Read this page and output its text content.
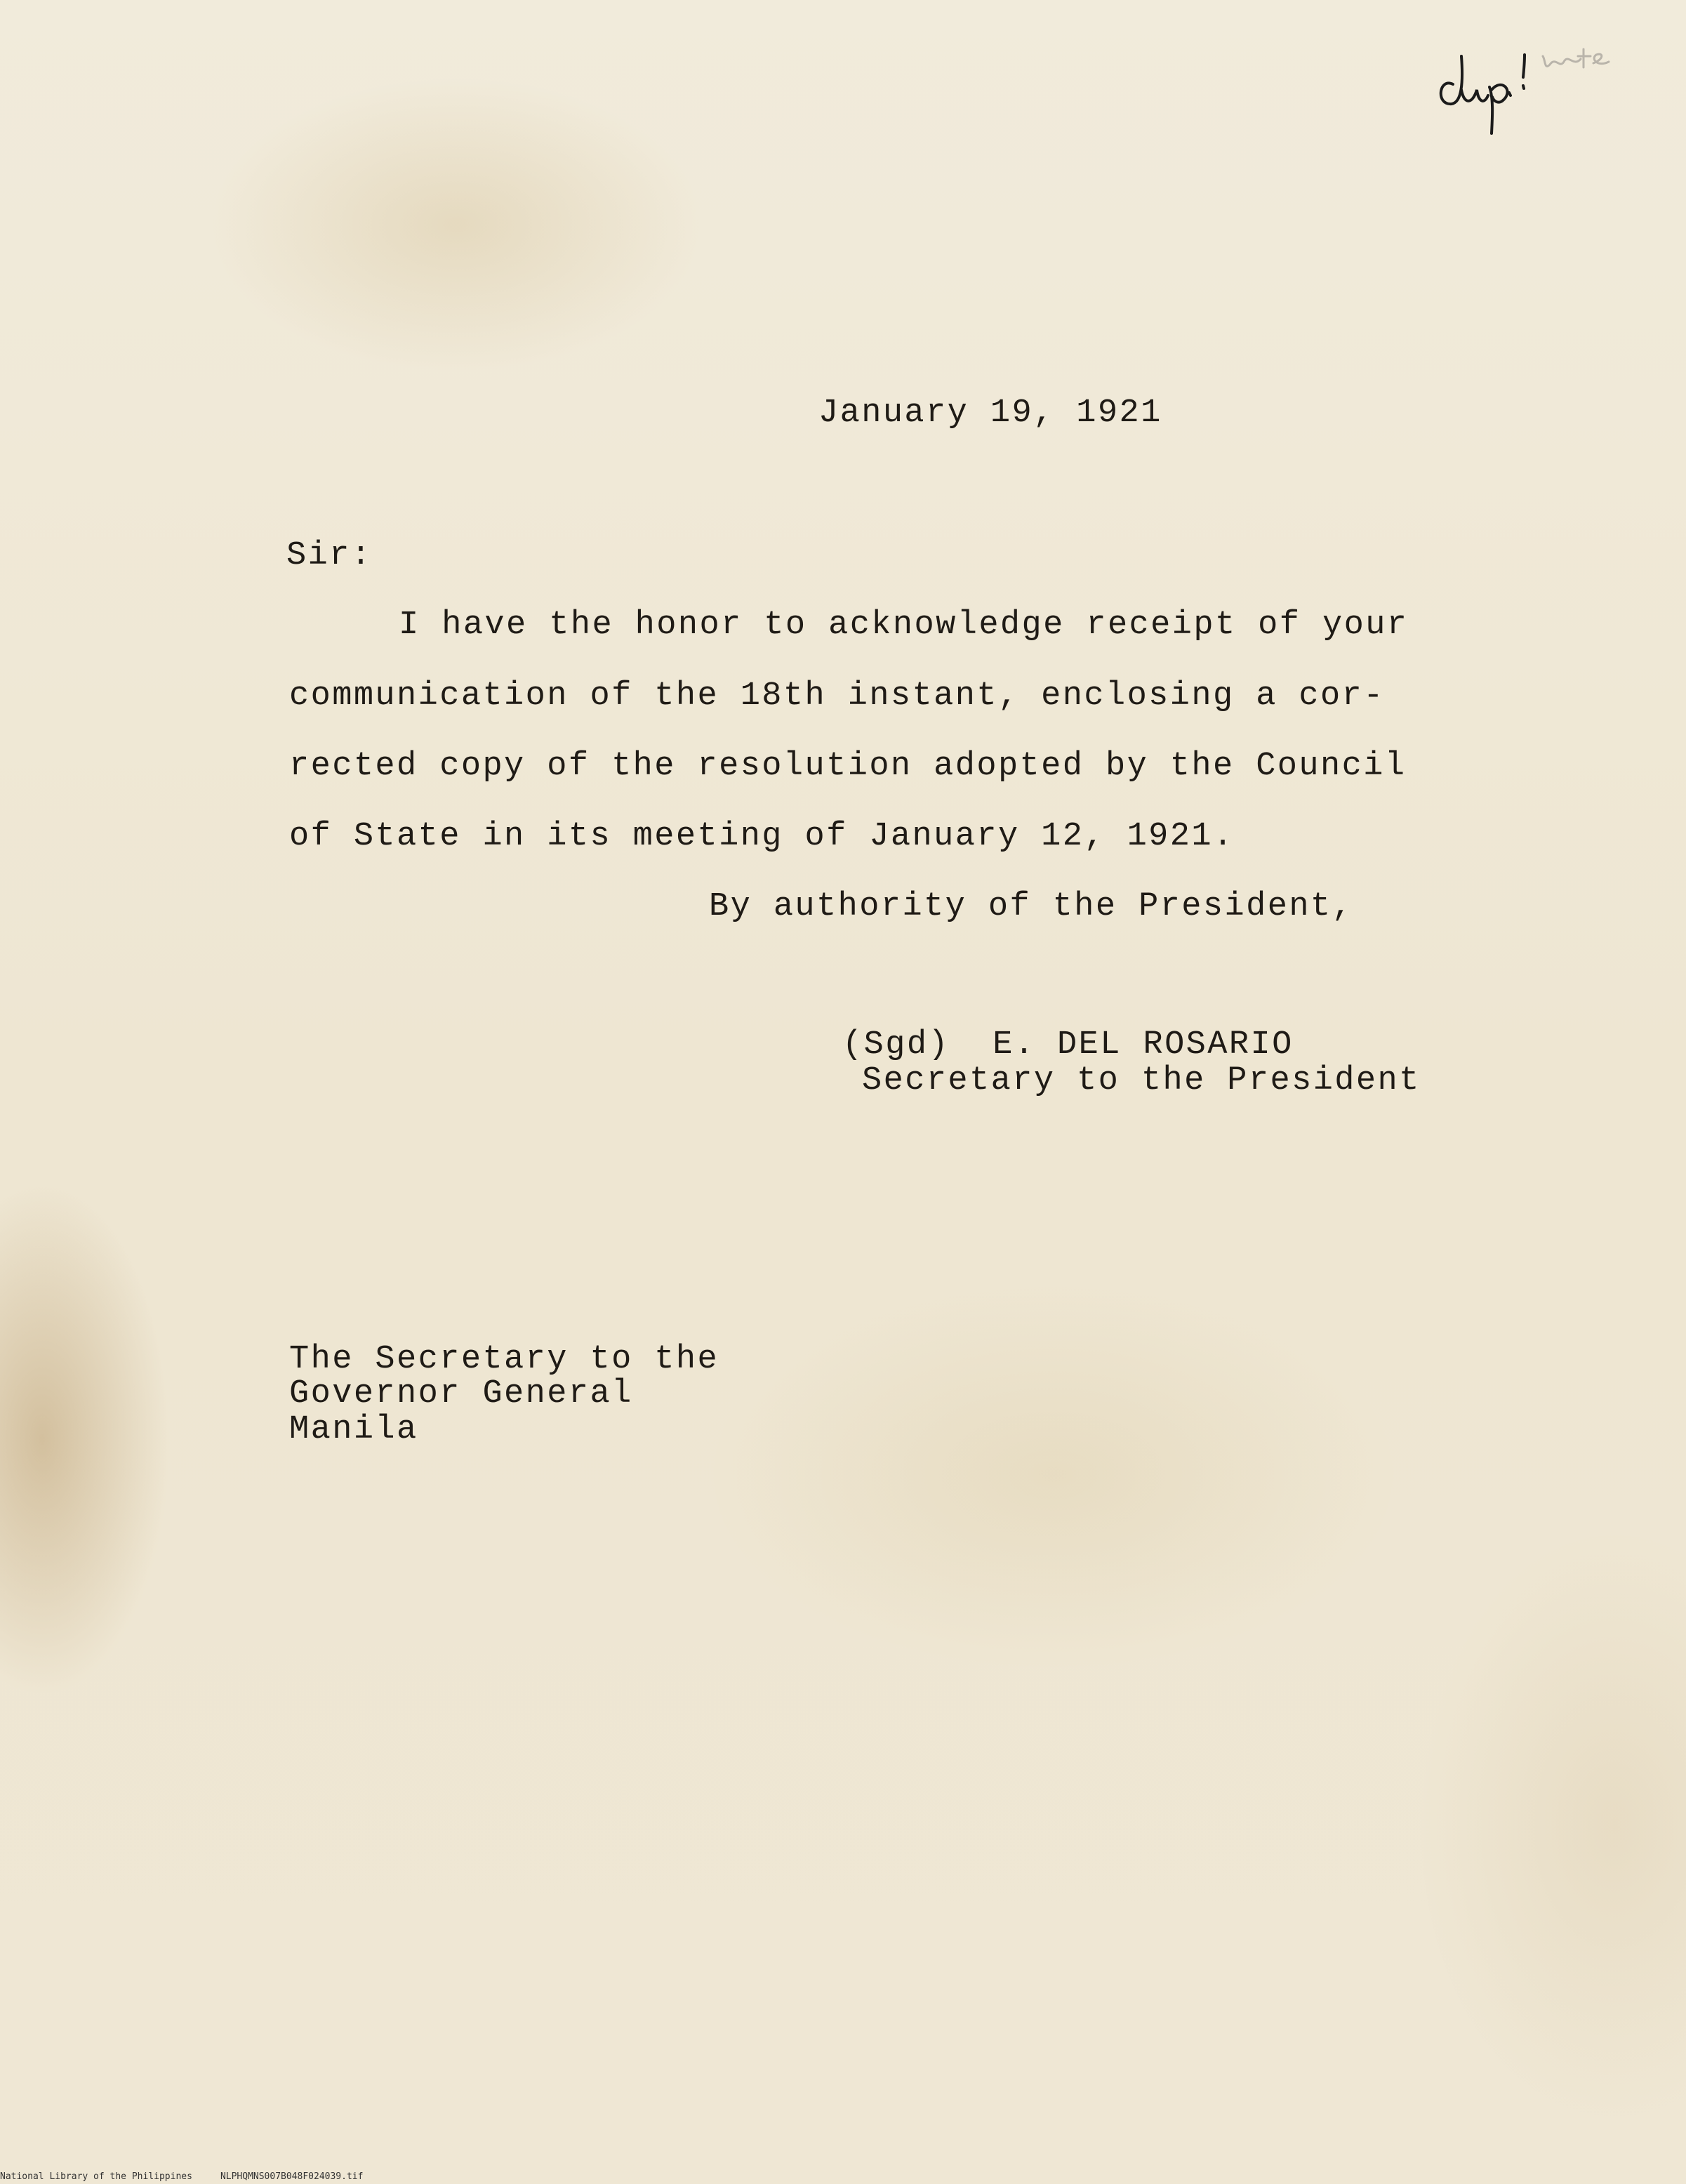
January 19, 1921
Sir:
I have the honor to acknowledge receipt of your
communication of the 18th instant, enclosing a cor-
rected copy of the resolution adopted by the Council
of State in its meeting of January 12, 1921.
By authority of the President,
(Sgd)  E. DEL ROSARIO
Secretary to the President
The Secretary to the
Governor General
Manila
National Library of the Philippines	NLPHQMNS007B048F024039.tif
